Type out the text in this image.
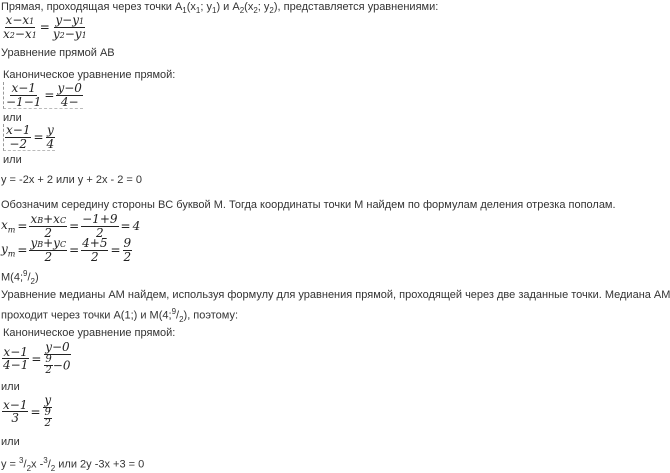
Прямая, проходящая через точки $A_1(x_1$; $y_1$) и $A_2(x_2$; $y_2$), представляется уравнениями:
$\frac{x-x1}{x2-x1} = \frac{y-y1}{y2-y1}$
Уравнение прямой AB
Каноническое уравнение прямой:
$\frac{x-1}{-1-1} = \frac{y-0}{4-}$
или
$\frac{x-1}{-2} = \frac{y}{4}$
или
y = -2x + 2 или y + 2x - 2 = 0
Обозначим середину стороны BC буквой M. Тогда координаты точки M найдем по формулам деления отрезка пополам.
$x_m = \frac{xB+xC}{2} = \frac{-1+9}{2} = 4$
$y_m = \frac{yB+yC}{2} = \frac{4+5}{2} = \frac{9}{2}$
$M(4;^9/_2)$
Уравнение медианы AM найдем, используя формулу для уравнения прямой, проходящей через две заданные точки. Медиана AM
проходит через точки A(1;) и $M(4;^9/_2)$, поэтому:
Каноническое уравнение прямой:
$\frac{x-1}{4-1} = \frac{y-0}{\frac{9}{2} -0}$
или
$\frac{x-1}{3} = \frac{y}{\frac{9}{2}}$
или
$y = ^3/_2x$ $-^3/_2$ или 2y -3x +3 = 0
